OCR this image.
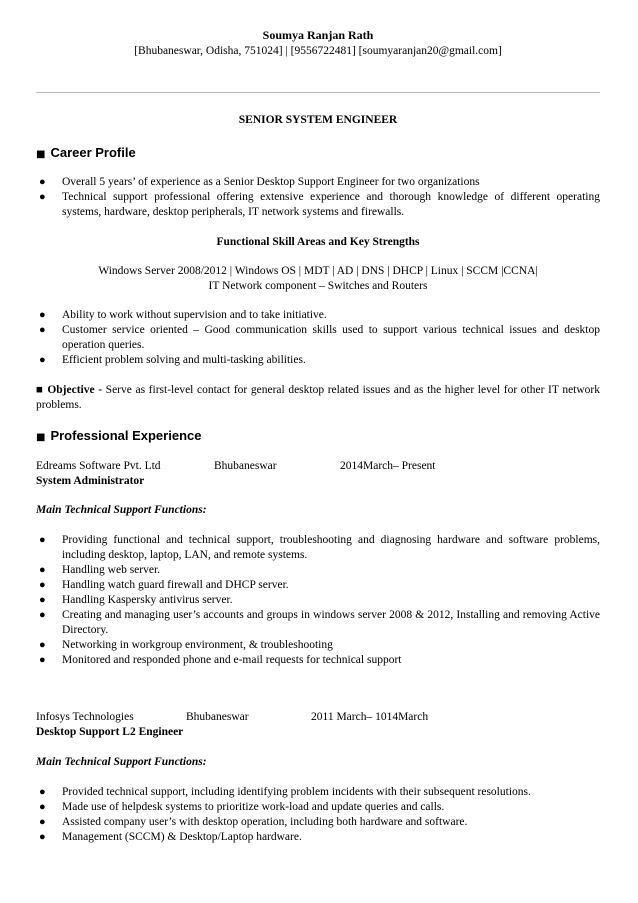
Soumya Ranjan Rath
[Bhubaneswar, Odisha, 751024] | [9556722481] [soumyaranjan20@gmail.com]
SENIOR SYSTEM ENGINEER
■ Career Profile
● Overall 5 years’ of experience as a Senior Desktop Support Engineer for two organizations
● Technical support professional offering extensive experience and thorough knowledge of different operating systems, hardware, desktop peripherals, IT network systems and firewalls.
Functional Skill Areas and Key Strengths
Windows Server 2008/2012 | Windows OS | MDT | AD | DNS | DHCP | Linux | SCCM |CCNA|
IT Network component – Switches and Routers
● Ability to work without supervision and to take initiative.
● Customer service oriented – Good communication skills used to support various technical issues and desktop operation queries.
● Efficient problem solving and multi-tasking abilities.
■ Objective - Serve as first-level contact for general desktop related issues and as the higher level for other IT network problems.
■ Professional Experience
Edreams Software Pvt. Ltd	Bhubaneswar	2014March– Present
System Administrator
Main Technical Support Functions:
● Providing functional and technical support, troubleshooting and diagnosing hardware and software problems, including desktop, laptop, LAN, and remote systems.
● Handling web server.
● Handling watch guard firewall and DHCP server.
● Handling Kaspersky antivirus server.
● Creating and managing user’s accounts and groups in windows server 2008 & 2012, Installing and removing Active Directory.
● Networking in workgroup environment, & troubleshooting
● Monitored and responded phone and e-mail requests for technical support
Infosys Technologies	Bhubaneswar	2011 March– 1014March
Desktop Support L2 Engineer
Main Technical Support Functions:
● Provided technical support, including identifying problem incidents with their subsequent resolutions.
● Made use of helpdesk systems to prioritize work-load and update queries and calls.
● Assisted company user’s with desktop operation, including both hardware and software.
● Management (SCCM) & Desktop/Laptop hardware.
